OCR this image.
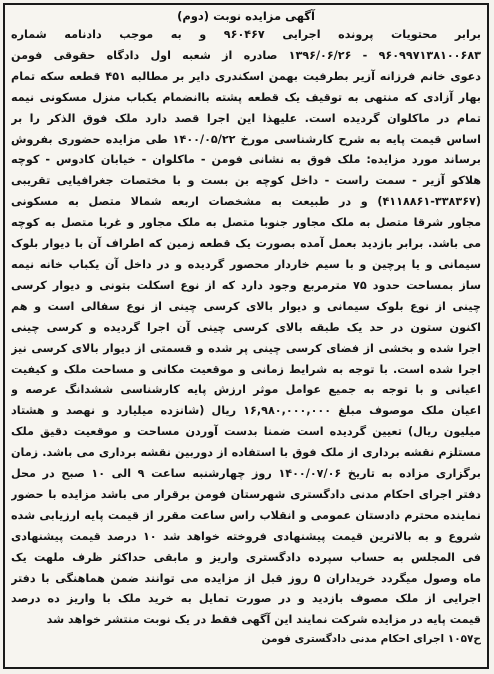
آگهی مزایده نوبت (دوم)
برابر محتویات پرونده اجرایی ۹۶۰۴۶۷ و به موجب دادنامه شماره
۹۶۰۹۹۷۱۳۸۱۰۰۶۸۳ - ۱۳۹۶/۰۶/۲۶ صادره از شعبه اول دادگاه حقوقی فومن
دعوی خانم فرزانه آزیر بطرفیت بهمن اسکندری دایر بر مطالبه ۴۵۱ قطعه سکه تمام
بهار آزادی که منتهی به توقیف یک قطعه پشته باانضمام یکباب منزل مسکونی نیمه
تمام در ماکلوان گردیده است. علیهذا این اجرا قصد دارد ملک فوق الذکر را بر
اساس قیمت پایه به شرح کارشناسی مورخ ۱۴۰۰/۰۵/۲۲ طی مزایده حضوری بفروش
برساند مورد مزایده: ملک فوق به نشانی فومن - ماکلوان - خیابان کادوس - کوچه
هلاکو آزیر - سمت راست - داخل کوچه بن بست و با مختصات جغرافیایی تقریبی
(۴۱۱۸۸۶۱-۳۳۸۳۶۷) و در طبیعت به مشخصات اربعه شمالا متصل به مسکونی
مجاور شرقا متصل به ملک مجاور جنوبا متصل به ملک مجاور و غربا متصل به کوچه
می باشد. برابر بازدید بعمل آمده بصورت یک قطعه زمین که اطراف آن با دیوار بلوک
سیمانی و یا پرچین و با سیم خاردار محصور گردیده و در داخل آن یکباب خانه نیمه
ساز بمساحت حدود ۷۵ مترمربع وجود دارد که از نوع اسکلت بتونی و دیوار کرسی
چینی از نوع بلوک سیمانی و دیوار بالای کرسی چینی از نوع سفالی است و هم
اکنون ستون در حد یک طبقه بالای کرسی چینی آن اجرا گردیده و کرسی چینی
اجرا شده و بخشی از فضای کرسی چینی پر شده و قسمتی از دیوار بالای کرسی نیز
اجرا شده است. با توجه به شرایط زمانی و موقعیت مکانی و مساحت ملک و کیفیت
اعیانی و با توجه به جمیع عوامل موثر ارزش پایه کارشناسی ششدانگ عرصه و
اعیان ملک موصوف مبلغ ۱۶,۹۸۰,۰۰۰,۰۰۰ ریال (شانزده میلیارد و نهصد و هشتاد
میلیون ریال) تعیین گردیده است ضمنا بدست آوردن مساحت و موقعیت دقیق ملک
مستلزم نقشه برداری از ملک فوق با استفاده از دوربین نقشه برداری می باشد. زمان
برگزاری مزاده به تاریخ ۱۴۰۰/۰۷/۰۶ روز چهارشنبه ساعت ۹ الی ۱۰ صبح در محل
دفتر اجرای احکام مدنی دادگستری شهرستان فومن برقرار می باشد مزایده با حضور
نماینده محترم دادستان عمومی و انقلاب راس ساعت مقرر از قیمت پایه ارزیابی شده
شروع و به بالاترین قیمت پیشنهادی فروخته خواهد شد ۱۰ درصد قیمت پیشنهادی
فی المجلس به حساب سپرده دادگستری واریز و مابقی حداکثر ظرف ملهت یک
ماه وصول میگردد خریداران ۵ روز قبل از مزایده می توانند ضمن هماهنگی با دفتر
اجرایی از ملک مصوف بازدید و در صورت تمایل به خرید ملک با واریز ده درصد
قیمت پایه در مزایده شرکت نمایند این آگهی فقط در یک نوبت منتشر خواهد شد
ح۱۰۵۷ اجرای احکام مدنی دادگستری فومن
